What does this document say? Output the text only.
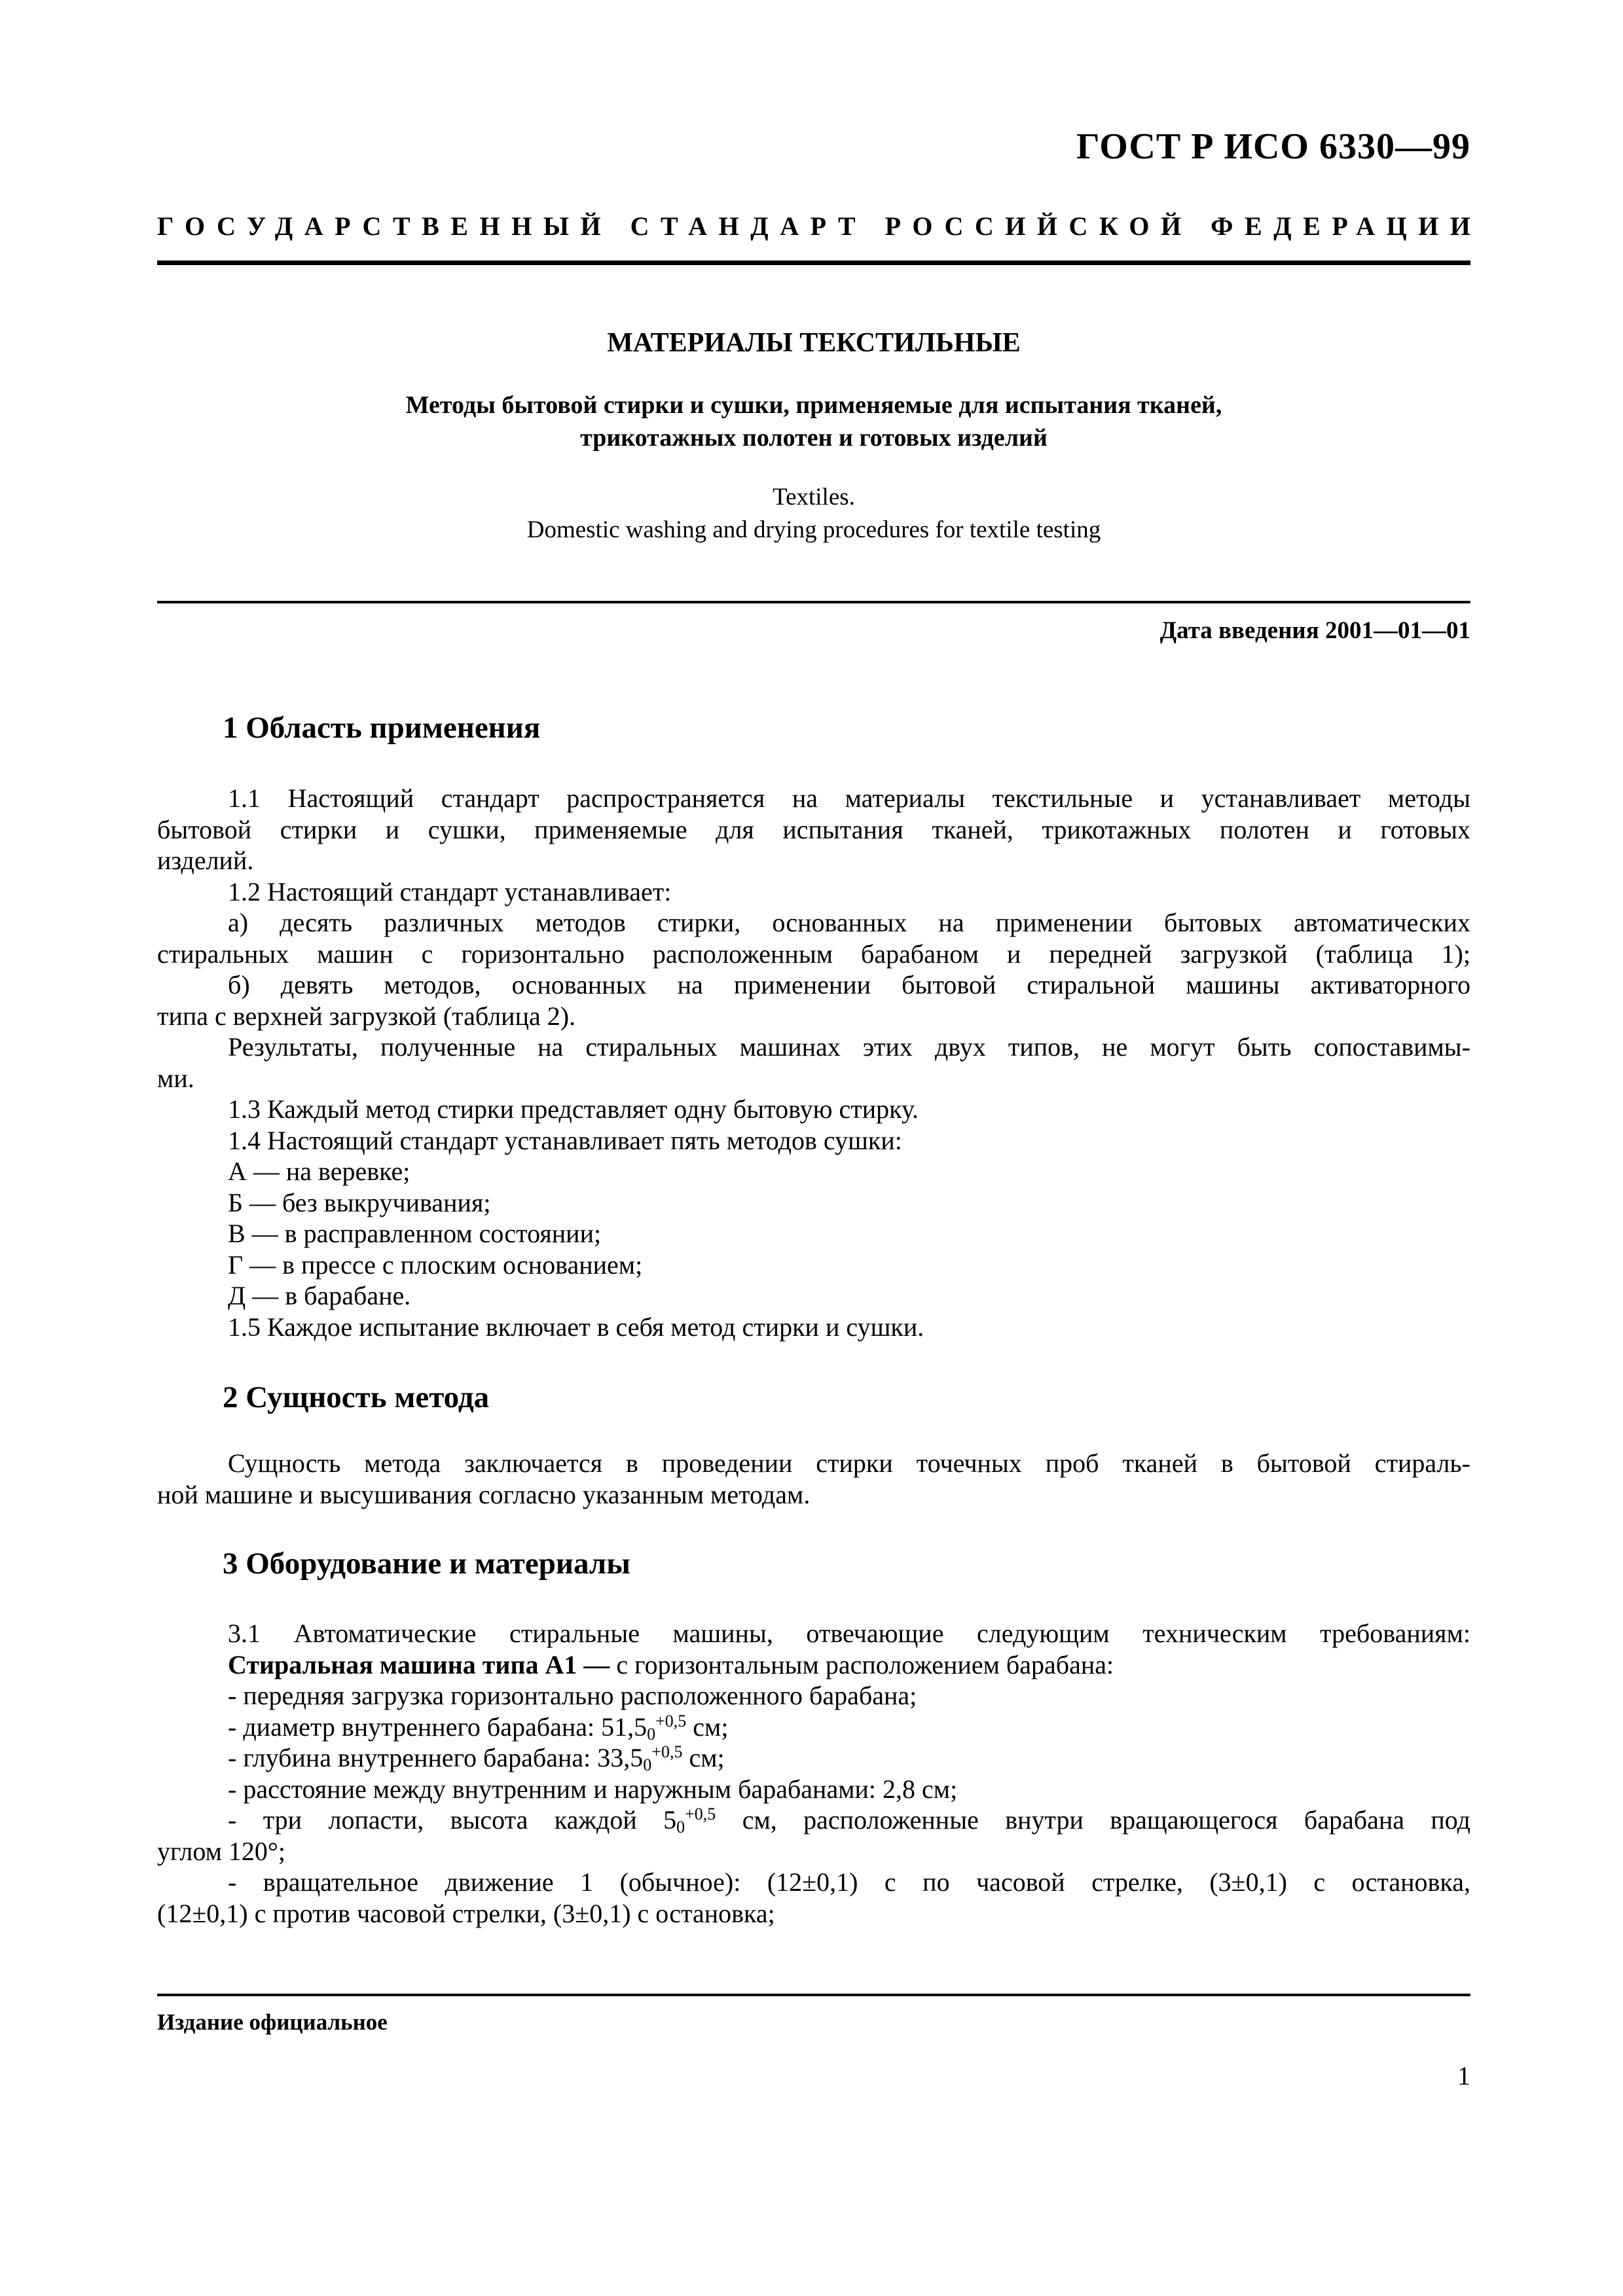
ГОСТ Р ИСО 6330—99
ГОСУДАРСТВЕННЫЙ СТАНДАРТ РОССИЙСКОЙ ФЕДЕРАЦИИ
МАТЕРИАЛЫ ТЕКСТИЛЬНЫЕ
Методы бытовой стирки и сушки, применяемые для испытания тканей,
трикотажных полотен и готовых изделий
Textiles.
Domestic washing and drying procedures for textile testing
Дата введения 2001—01—01
1 Область применения
1.1 Настоящий стандарт распространяется на материалы текстильные и устанавливает методы
бытовой стирки и сушки, применяемые для испытания тканей, трикотажных полотен и готовых
изделий.
1.2 Настоящий стандарт устанавливает:
а) десять различных методов стирки, основанных на применении бытовых автоматических
стиральных машин с горизонтально расположенным барабаном и передней загрузкой (таблица 1);
б) девять методов, основанных на применении бытовой стиральной машины активаторного
типа с верхней загрузкой (таблица 2).
Результаты, полученные на стиральных машинах этих двух типов, не могут быть сопоставимы-
ми.
1.3 Каждый метод стирки представляет одну бытовую стирку.
1.4 Настоящий стандарт устанавливает пять методов сушки:
А — на веревке;
Б — без выкручивания;
В — в расправленном состоянии;
Г — в прессе с плоским основанием;
Д — в барабане.
1.5 Каждое испытание включает в себя метод стирки и сушки.
2 Сущность метода
Сущность метода заключается в проведении стирки точечных проб тканей в бытовой стираль-
ной машине и высушивания согласно указанным методам.
3 Оборудование и материалы
3.1 Автоматические стиральные машины, отвечающие следующим техническим требованиям:
Стиральная машина типа А1 — с горизонтальным расположением барабана:
- передняя загрузка горизонтально расположенного барабана;
- диаметр внутреннего барабана: $51,5_0^{+0,5}$ см;
- глубина внутреннего барабана: $33,5_0^{+0,5}$ см;
- расстояние между внутренним и наружным барабанами: 2,8 см;
- три лопасти, высота каждой $5_0^{+0,5}$ см, расположенные внутри вращающегося барабана под
углом 120°;
- вращательное движение 1 (обычное): (12±0,1) с по часовой стрелке, (3±0,1) с остановка,
(12±0,1) с против часовой стрелки, (3±0,1) с остановка;
Издание официальное
1
